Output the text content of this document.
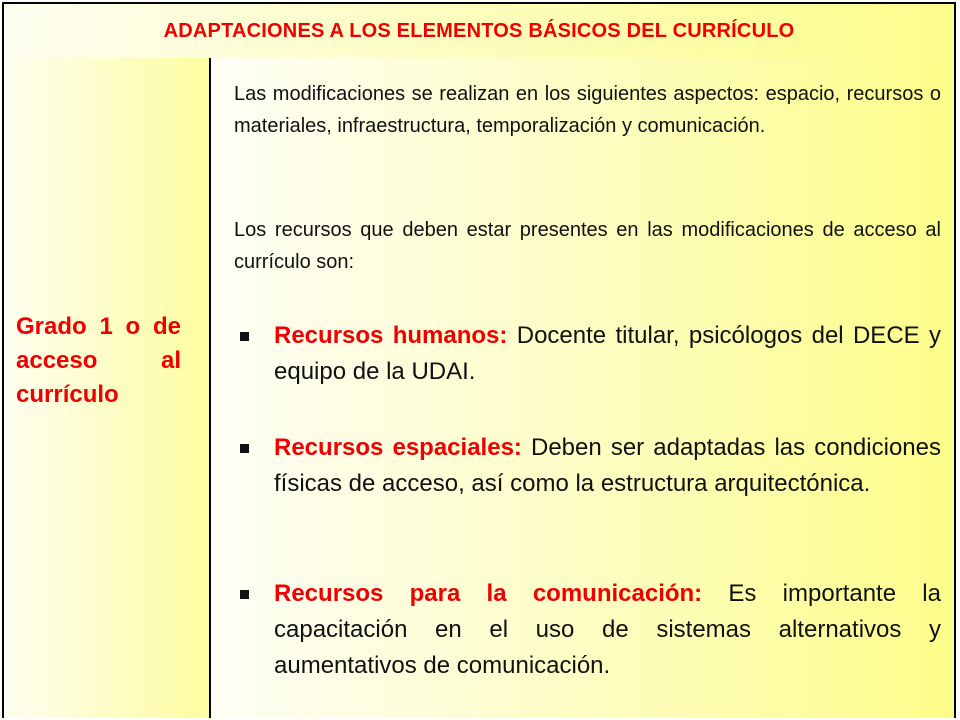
ADAPTACIONES A LOS ELEMENTOS BÁSICOS DEL CURRÍCULO
Grado 1 o de acceso al currículo
Las modificaciones se realizan en los siguientes aspectos: espacio, recursos o materiales, infraestructura, temporalización y comunicación.
Los recursos que deben estar presentes en las modificaciones de acceso al currículo son:
Recursos humanos: Docente titular, psicólogos del DECE y equipo de la UDAI.
Recursos espaciales: Deben ser adaptadas las condiciones físicas de acceso, así como la estructura arquitectónica.
Recursos para la comunicación: Es importante la capacitación en el uso de sistemas alternativos y aumentativos de comunicación.
